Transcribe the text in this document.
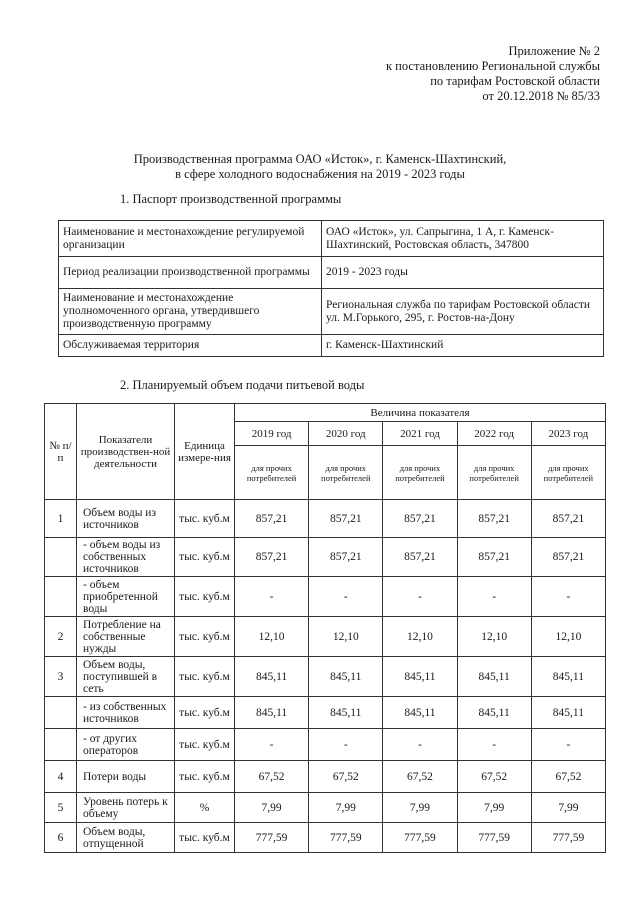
Приложение № 2
к постановлению Региональной службы
по тарифам Ростовской области
от 20.12.2018 № 85/33
Производственная программа ОАО «Исток», г. Каменск-Шахтинский,
в сфере холодного водоснабжения на 2019 - 2023 годы
1. Паспорт производственной программы
Наименование и местонахождение регулируемой организации	ОАО «Исток», ул. Сапрыгина, 1 А, г. Каменск-Шахтинский, Ростовская область, 347800
Период реализации производственной программы	2019 - 2023 годы
Наименование и местонахождение уполномоченного органа, утвердившего производственную программу	Региональная служба по тарифам Ростовской области ул. М.Горького, 295, г. Ростов-на-Дону
Обслуживаемая территория	г. Каменск-Шахтинский
2. Планируемый объем подачи питьевой воды
№ п/п	Показатели производствен-ной деятельности	Единица измере-ния	Величина показателя				
			2019 год	2020 год	2021 год	2022 год	2023 год
			для прочих потребителей	для прочих потребителей	для прочих потребителей	для прочих потребителей	для прочих потребителей
1	Объем воды из источников	тыс. куб.м	857,21	857,21	857,21	857,21	857,21
	- объем воды из собственных источников	тыс. куб.м	857,21	857,21	857,21	857,21	857,21
	- объем приобретенной воды	тыс. куб.м	-	-	-	-	-
2	Потребление на собственные нужды	тыс. куб.м	12,10	12,10	12,10	12,10	12,10
3	Объем воды, поступившей в сеть	тыс. куб.м	845,11	845,11	845,11	845,11	845,11
	- из собственных источников	тыс. куб.м	845,11	845,11	845,11	845,11	845,11
	- от других операторов	тыс. куб.м	-	-	-	-	-
4	Потери воды	тыс. куб.м	67,52	67,52	67,52	67,52	67,52
5	Уровень потерь к объему	%	7,99	7,99	7,99	7,99	7,99
6	Объем воды, отпущенной	тыс. куб.м	777,59	777,59	777,59	777,59	777,59
